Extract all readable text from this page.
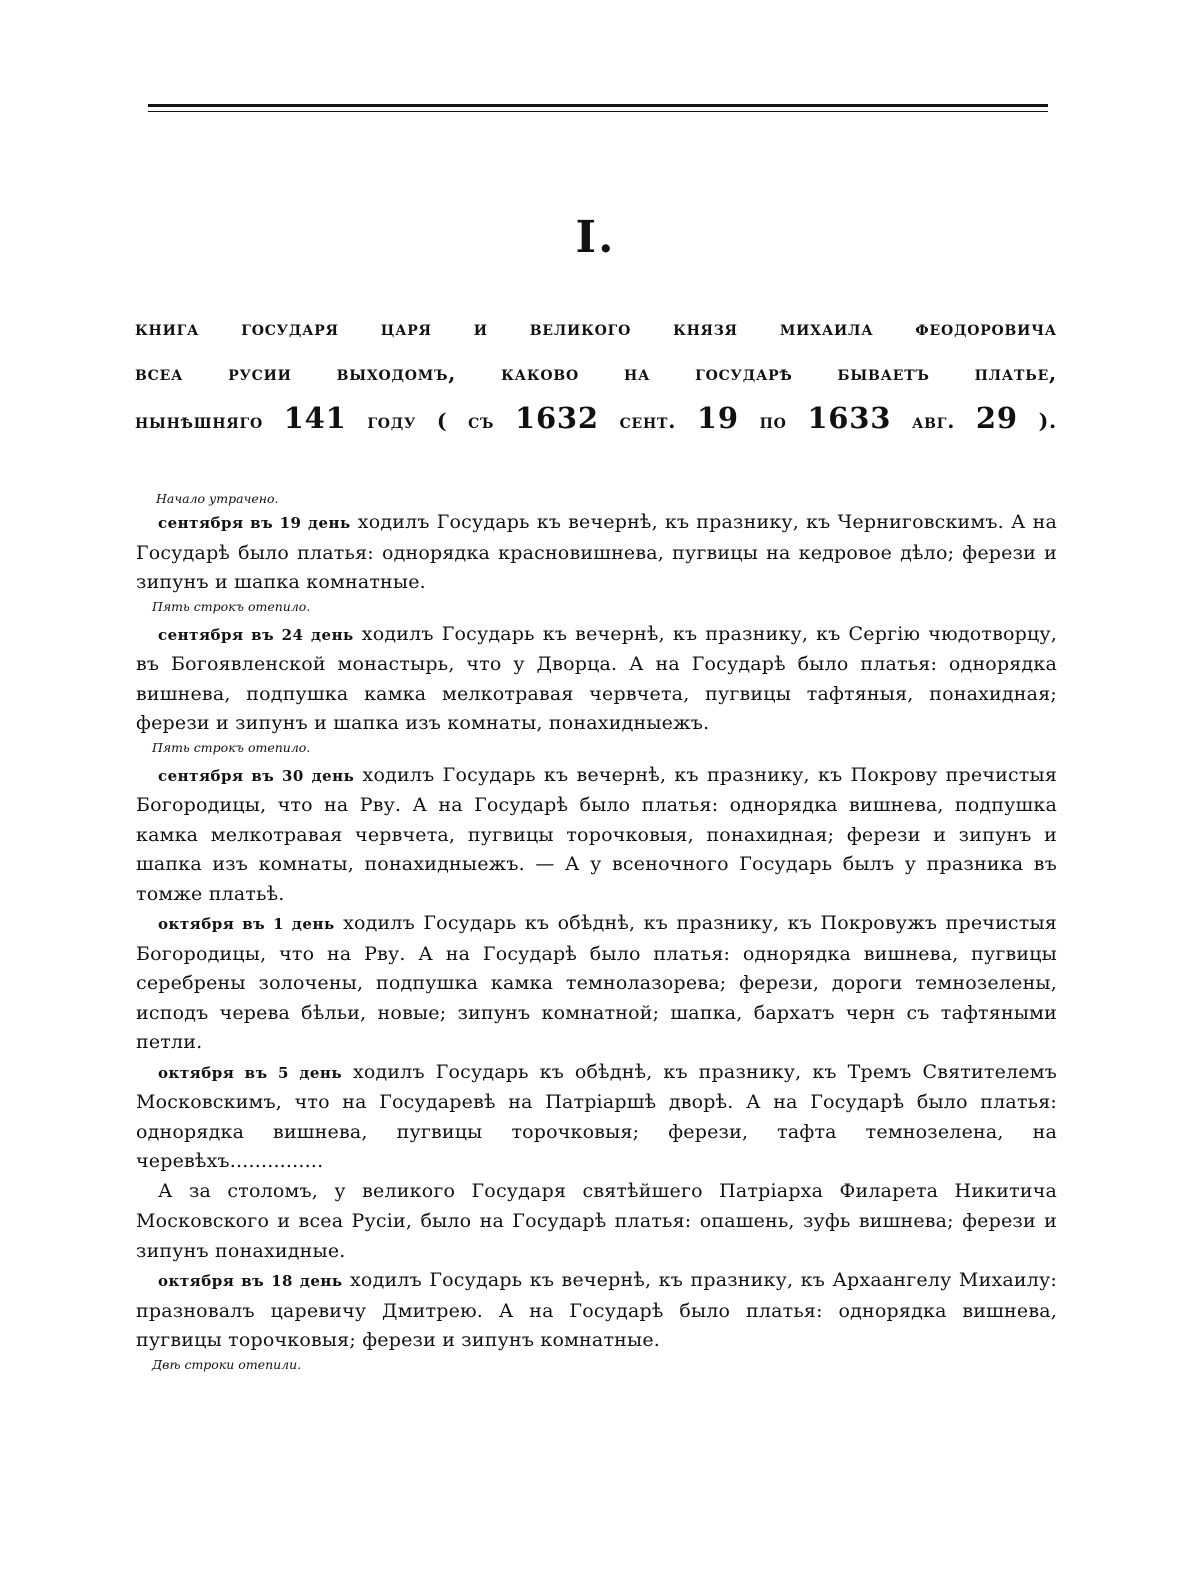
I.
книга государя царя и великого князя михаила феодоровича
всеа русии выходомъ, каково на государѣ бываетъ платье,
нынѣшняго 141 году ( съ 1632 сент. 19 по 1633 авг. 29 ).
Начало утрачено.
сентября въ 19 день ходилъ Государь къ вечернѣ, къ празнику, къ Черниговскимъ. А на Государѣ было платья: однорядка красновишнева, пугвицы на кедровое дѣло; ферези и зипунъ и шапка комнатные.
Пять строкъ отеnило.
сентября въ 24 день ходилъ Государь къ вечернѣ, къ празнику, къ Сергію чюдотворцу, въ Богоявленской монастырь, что у Дворца. А на Государѣ было платья: однорядка вишнева, подпушка камка мелкотравая червчета, пугвицы тафтяныя, понахидная; ферези и зипунъ и шапка изъ комнаты, понахидныежъ.
Пять строкъ отеnило.
сентября въ 30 день ходилъ Государь къ вечернѣ, къ празнику, къ Покрову пречистыя Богородицы, что на Рву. А на Государѣ было платья: однорядка вишнева, подпушка камка мелкотравая червчета, пугвицы торочковыя, понахидная; ферези и зипунъ и шапка изъ комнаты, понахидныежъ. — А у всеночного Государь былъ у празника въ томже платьѣ.
октября въ 1 день ходилъ Государь къ обѣднѣ, къ празнику, къ Покровужъ пречистыя Богородицы, что на Рву. А на Государѣ было платья: однорядка вишнева, пугвицы серебрены золочены, подпушка камка темнолазорева; ферези, дороги темнозелены, исподъ черева бѣльи, новые; зипунъ комнатной; шапка, бархатъ черн съ тафтяными петли.
октября въ 5 день ходилъ Государь къ обѣднѣ, къ празнику, къ Тремъ Святителемъ Московскимъ, что на Государевѣ на Патріаршѣ дворѣ. А на Государѣ было платья: однорядка вишнева, пугвицы торочковыя; ферези, тафта темнозелена, на черевѣхъ...............
А за столомъ, у великого Государя святѣйшего Патріарха Филарета Никитича Московского и всеа Русіи, было на Государѣ платья: опашень, зуфь вишнева; ферези и зипунъ понахидные.
октября въ 18 день ходилъ Государь къ вечернѣ, къ празнику, къ Архаангелу Михаилу: празновалъ царевичу Дмитрею. А на Государѣ было платья: однорядка вишнева, пугвицы торочковыя; ферези и зипунъ комнатные.
Двѣ строки отеnили.
